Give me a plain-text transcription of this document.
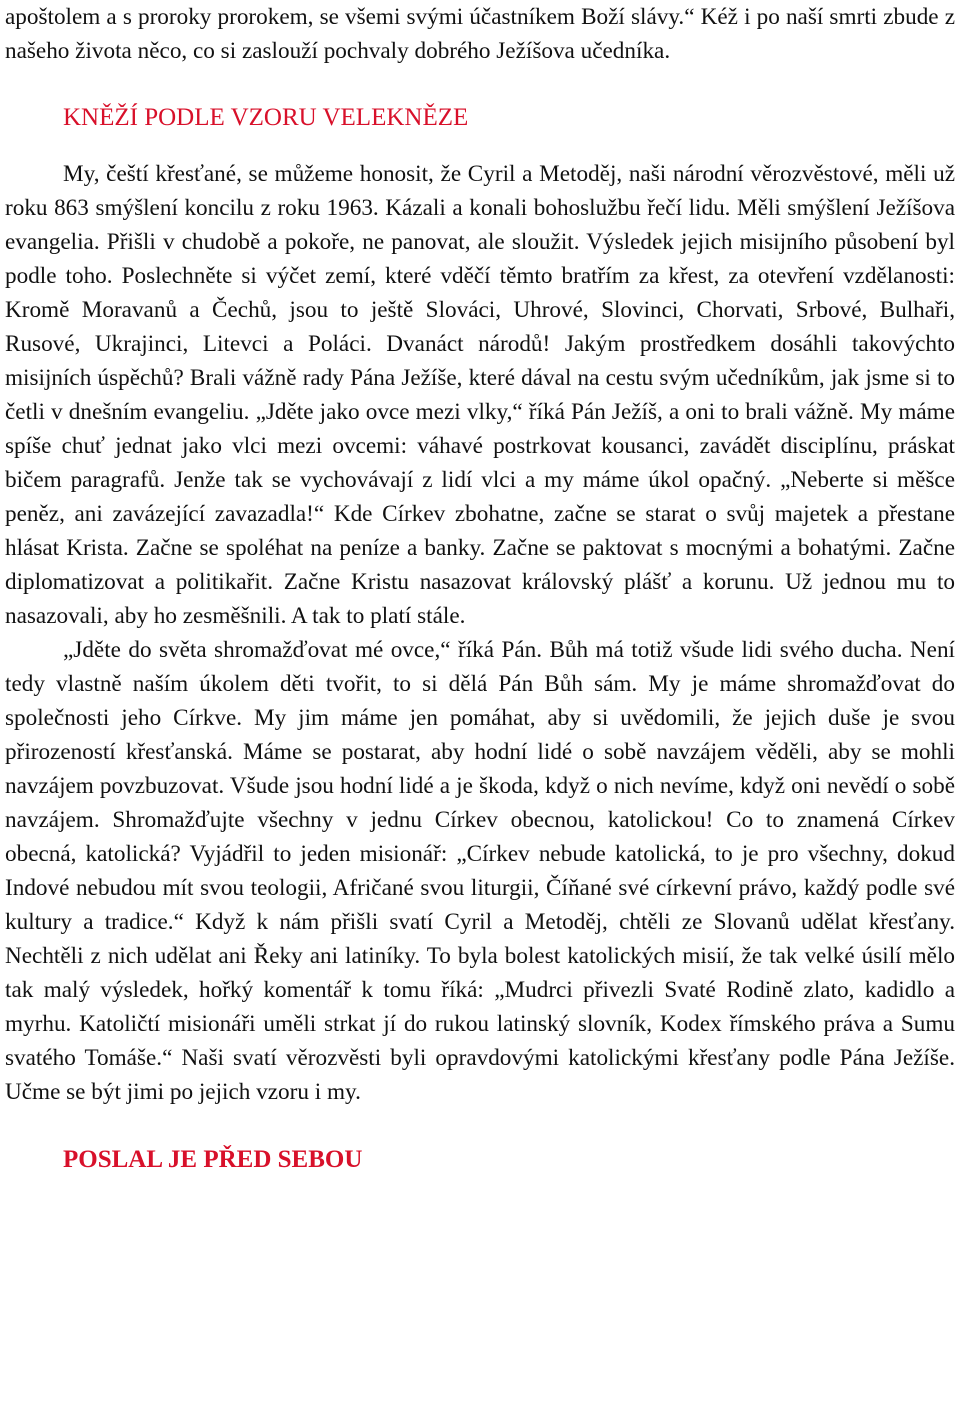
apoštolem a s proroky prorokem, se všemi svými účastníkem Boží slávy.“ Kéž i po naší smrti zbude z našeho života něco, co si zaslouží pochvaly dobrého Ježíšova učedníka.

KNĚŽÍ PODLE VZORU VELEKNĚZE

My, čeští křesťané, se můžeme honosit, že Cyril a Metoděj, naši národní věrozvěstové, měli už roku 863 smýšlení koncilu z roku 1963. Kázali a konali bohoslužbu řečí lidu. Měli smýšlení Ježíšova evangelia. Přišli v chudobě a pokoře, ne panovat, ale sloužit. Výsledek jejich misijního působení byl podle toho. Poslechněte si výčet zemí, které vděčí těmto bratřím za křest, za otevření vzdělanosti: Kromě Moravanů a Čechů, jsou to ještě Slováci, Uhrové, Slovinci, Chorvati, Srbové, Bulhaři, Rusové, Ukrajinci, Litevci a Poláci. Dvanáct národů! Jakým prostředkem dosáhli takovýchto misijních úspěchů? Brali vážně rady Pána Ježíše, které dával na cestu svým učedníkům, jak jsme si to četli v dnešním evangeliu. „Jděte jako ovce mezi vlky,“ říká Pán Ježíš, a oni to brali vážně. My máme spíše chuť jednat jako vlci mezi ovcemi: váhavé postrkovat kousanci, zavádět disciplínu, práskat bičem paragrafů. Jenže tak se vychovávají z lidí vlci a my máme úkol opačný. „Neberte si měšce peněz, ani zavázející zavazadla!“ Kde Církev zbohatne, začne se starat o svůj majetek a přestane hlásat Krista. Začne se spoléhat na peníze a banky. Začne se paktovat s mocnými a bohatými. Začne diplomatizovat a politikařit. Začne Kristu nasazovat královský plášť a korunu. Už jednou mu to nasazovali, aby ho zesměšnili. A tak to platí stále.

„Jděte do světa shromažďovat mé ovce,“ říká Pán. Bůh má totiž všude lidi svého ducha. Není tedy vlastně naším úkolem děti tvořit, to si dělá Pán Bůh sám. My je máme shromažďovat do společnosti jeho Církve. My jim máme jen pomáhat, aby si uvědomili, že jejich duše je svou přirozeností křesťanská. Máme se postarat, aby hodní lidé o sobě navzájem věděli, aby se mohli navzájem povzbuzovat. Všude jsou hodní lidé a je škoda, když o nich nevíme, když oni nevědí o sobě navzájem. Shromažďujte všechny v jednu Církev obecnou, katolickou! Co to znamená Církev obecná, katolická? Vyjádřil to jeden misionář: „Církev nebude katolická, to je pro všechny, dokud Indové nebudou mít svou teologii, Afričané svou liturgii, Číňané své církevní právo, každý podle své kultury a tradice.“ Když k nám přišli svatí Cyril a Metoděj, chtěli ze Slovanů udělat křesťany. Nechtěli z nich udělat ani Řeky ani latiníky. To byla bolest katolických misií, že tak velké úsilí mělo tak malý výsledek, hořký komentář k tomu říká: „Mudrci přivezli Svaté Rodině zlato, kadidlo a myrhu. Katoličtí misionáři uměli strkat jí do rukou latinský slovník, Kodex římského práva a Sumu svatého Tomáše.“ Naši svatí věrozvěsti byli opravdovými katolickými křesťany podle Pána Ježíše. Učme se být jimi po jejich vzoru i my.

POSLAL JE PŘED SEBOU
